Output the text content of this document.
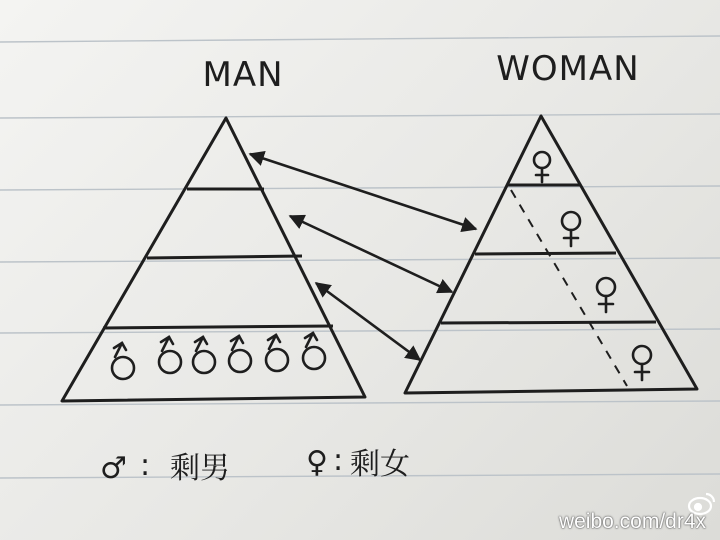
MAN	WOMAN
♂ : 剩男	♀ : 剩女
weibo.com/dr4x
